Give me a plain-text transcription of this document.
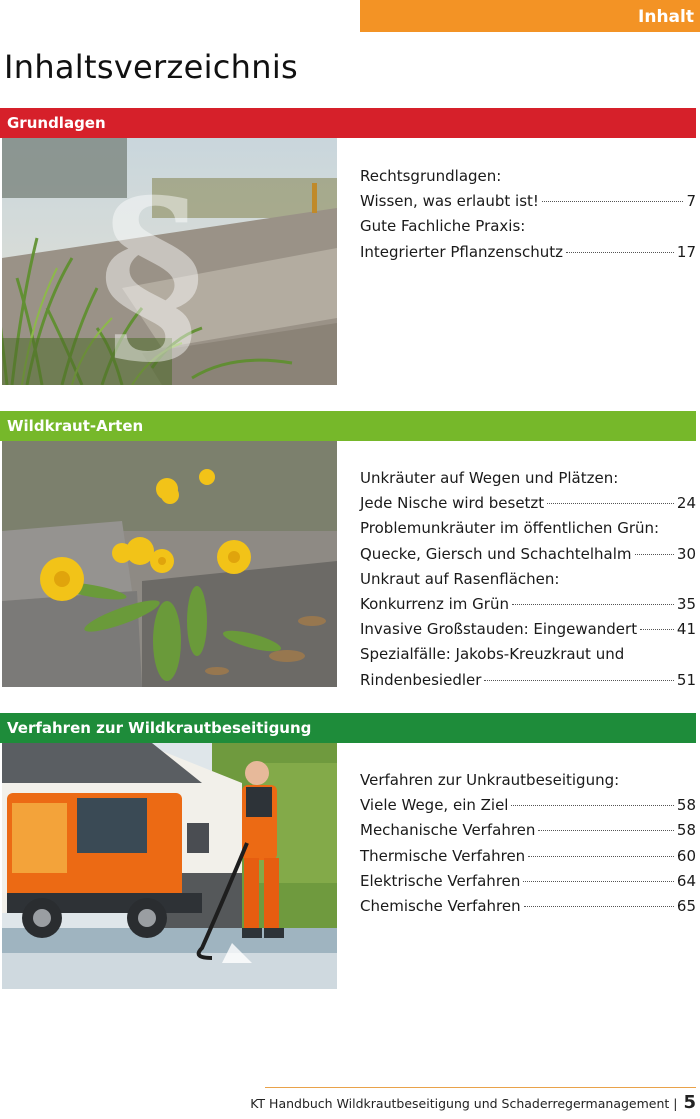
Inhalt
Inhaltsverzeichnis
Grundlagen
§	Rechtsgrundlagen:
Wissen, was erlaubt ist!	7
Gute Fachliche Praxis:
Integrierter Pflanzenschutz	17
Wildkraut-Arten
Unkräuter auf Wegen und Plätzen:
Jede Nische wird besetzt	24
Problemunkräuter im öffentlichen Grün:
Quecke, Giersch und Schachtelhalm	30
Unkraut auf Rasenflächen:
Konkurrenz im Grün	35
Invasive Großstauden: Eingewandert	41
Spezialfälle: Jakobs-Kreuzkraut und
Rindenbesiedler	51
Verfahren zur Wildkrautbeseitigung
Verfahren zur Unkrautbeseitigung:
Viele Wege, ein Ziel	58
Mechanische Verfahren	58
Thermische Verfahren	60
Elektrische Verfahren	64
Chemische Verfahren	65
KT Handbuch Wildkrautbeseitigung und Schaderregermanagement | 5
